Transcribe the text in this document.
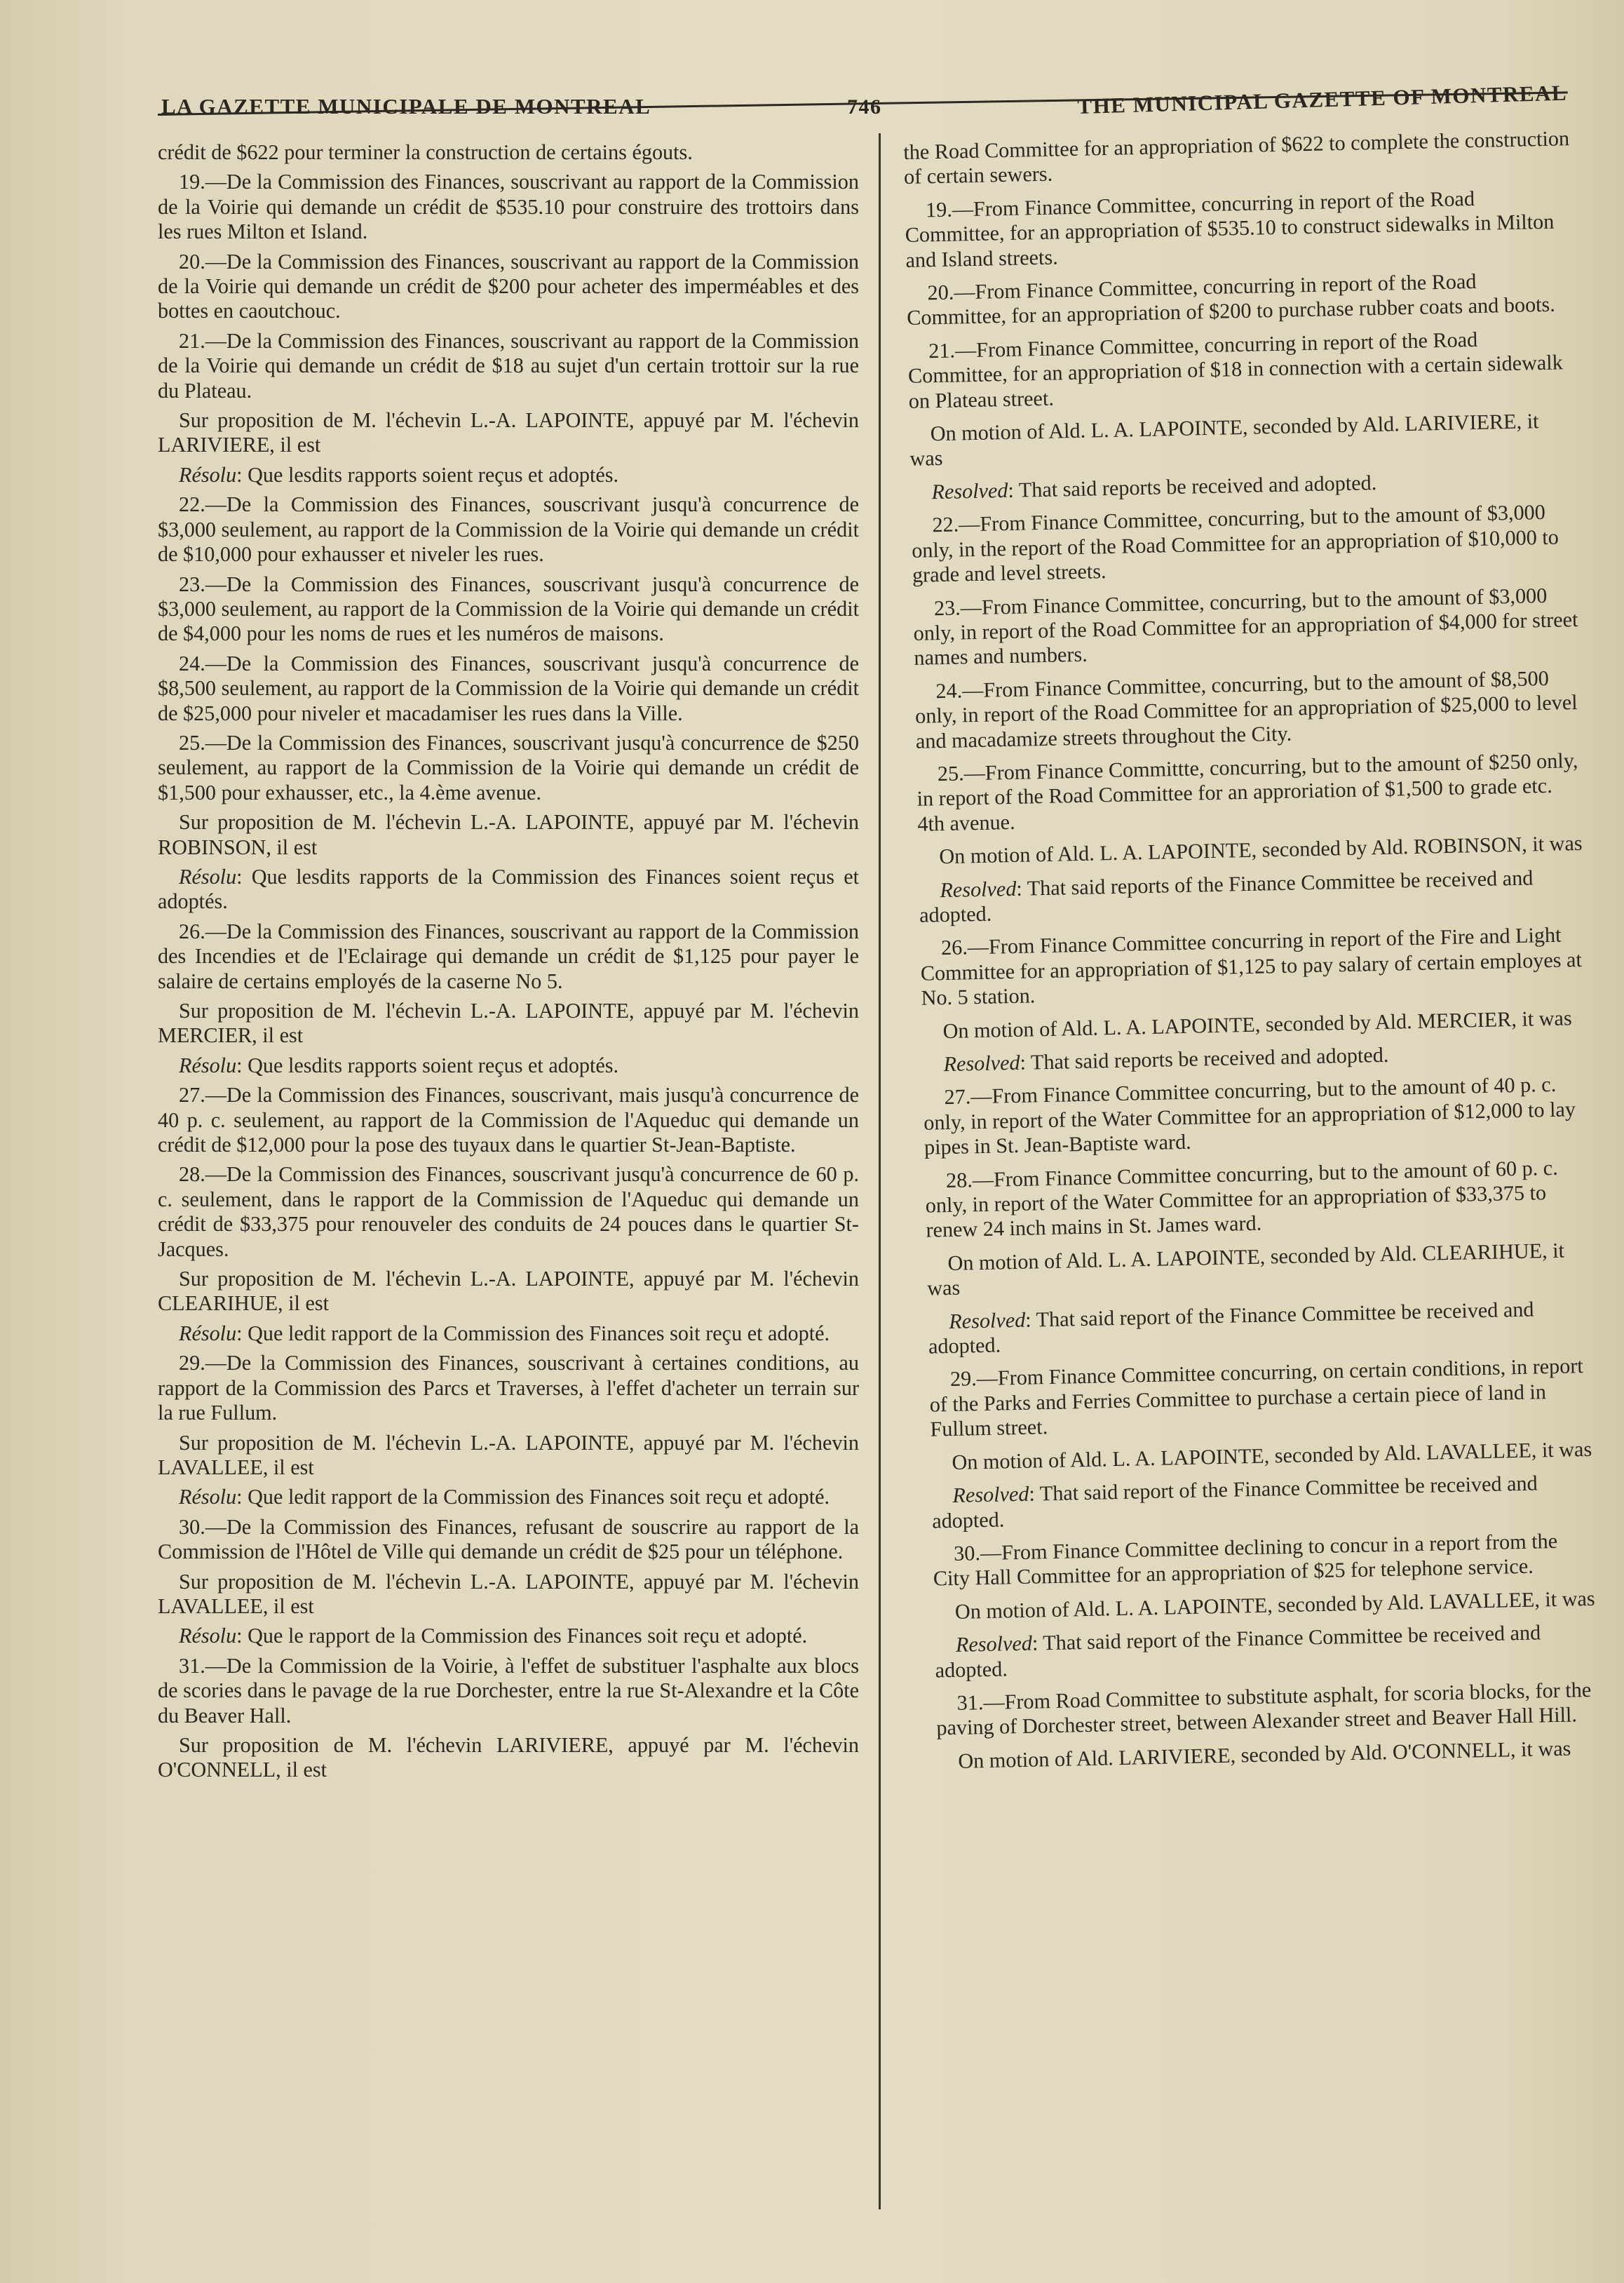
LA GAZETTE MUNICIPALE DE MONTREAL	746	THE MUNICIPAL GAZETTE OF MONTREAL

crédit de $622 pour terminer la construction de certains égouts.

19.—De la Commission des Finances, souscrivant au rapport de la Commission de la Voirie qui demande un crédit de $535.10 pour construire des trottoirs dans les rues Milton et Island.

20.—De la Commission des Finances, souscrivant au rapport de la Commission de la Voirie qui demande un crédit de $200 pour acheter des imperméables et des bottes en caoutchouc.

21.—De la Commission des Finances, souscrivant au rapport de la Commission de la Voirie qui demande un crédit de $18 au sujet d'un certain trottoir sur la rue du Plateau.

Sur proposition de M. l'échevin L.-A. LAPOINTE, appuyé par M. l'échevin LARIVIERE, il est

Résolu: Que lesdits rapports soient reçus et adoptés.

22.—De la Commission des Finances, souscrivant jusqu'à concurrence de $3,000 seulement, au rapport de la Commission de la Voirie qui demande un crédit de $10,000 pour exhausser et niveler les rues.

23.—De la Commission des Finances, souscrivant jusqu'à concurrence de $3,000 seulement, au rapport de la Commission de la Voirie qui demande un crédit de $4,000 pour les noms de rues et les numéros de maisons.

24.—De la Commission des Finances, souscrivant jusqu'à concurrence de $8,500 seulement, au rapport de la Commission de la Voirie qui demande un crédit de $25,000 pour niveler et macadamiser les rues dans la Ville.

25.—De la Commission des Finances, souscrivant jusqu'à concurrence de $250 seulement, au rapport de la Commission de la Voirie qui demande un crédit de $1,500 pour exhausser, etc., la 4.ème avenue.

Sur proposition de M. l'échevin L.-A. LAPOINTE, appuyé par M. l'échevin ROBINSON, il est

Résolu: Que lesdits rapports de la Commission des Finances soient reçus et adoptés.

26.—De la Commission des Finances, souscrivant au rapport de la Commission des Incendies et de l'Eclairage qui demande un crédit de $1,125 pour payer le salaire de certains employés de la caserne No 5.

Sur proposition de M. l'échevin L.-A. LAPOINTE, appuyé par M. l'échevin MERCIER, il est

Résolu: Que lesdits rapports soient reçus et adoptés.

27.—De la Commission des Finances, souscrivant, mais jusqu'à concurrence de 40 p. c. seulement, au rapport de la Commission de l'Aqueduc qui demande un crédit de $12,000 pour la pose des tuyaux dans le quartier St-Jean-Baptiste.

28.—De la Commission des Finances, souscrivant jusqu'à concurrence de 60 p. c. seulement, dans le rapport de la Commission de l'Aqueduc qui demande un crédit de $33,375 pour renouveler des conduits de 24 pouces dans le quartier St-Jacques.

Sur proposition de M. l'échevin L.-A. LAPOINTE, appuyé par M. l'échevin CLEARIHUE, il est

Résolu: Que ledit rapport de la Commission des Finances soit reçu et adopté.

29.—De la Commission des Finances, souscrivant à certaines conditions, au rapport de la Commission des Parcs et Traverses, à l'effet d'acheter un terrain sur la rue Fullum.

Sur proposition de M. l'échevin L.-A. LAPOINTE, appuyé par M. l'échevin LAVALLEE, il est

Résolu: Que ledit rapport de la Commission des Finances soit reçu et adopté.

30.—De la Commission des Finances, refusant de souscrire au rapport de la Commission de l'Hôtel de Ville qui demande un crédit de $25 pour un téléphone.

Sur proposition de M. l'échevin L.-A. LAPOINTE, appuyé par M. l'échevin LAVALLEE, il est

Résolu: Que le rapport de la Commission des Finances soit reçu et adopté.

31.—De la Commission de la Voirie, à l'effet de substituer l'asphalte aux blocs de scories dans le pavage de la rue Dorchester, entre la rue St-Alexandre et la Côte du Beaver Hall.

Sur proposition de M. l'échevin LARIVIERE, appuyé par M. l'échevin O'CONNELL, il est

the Road Committee for an appropriation of $622 to complete the construction of certain sewers.

19.—From Finance Committee, concurring in report of the Road Committee, for an appropriation of $535.10 to construct sidewalks in Milton and Island streets.

20.—From Finance Committee, concurring in report of the Road Committee, for an appropriation of $200 to purchase rubber coats and boots.

21.—From Finance Committee, concurring in report of the Road Committee, for an appropriation of $18 in connection with a certain sidewalk on Plateau street.

On motion of Ald. L. A. LAPOINTE, seconded by Ald. LARIVIERE, it was

Resolved: That said reports be received and adopted.

22.—From Finance Committee, concurring, but to the amount of $3,000 only, in the report of the Road Committee for an appropriation of $10,000 to grade and level streets.

23.—From Finance Committee, concurring, but to the amount of $3,000 only, in report of the Road Committee for an appropriation of $4,000 for street names and numbers.

24.—From Finance Committee, concurring, but to the amount of $8,500 only, in report of the Road Committee for an appropriation of $25,000 to level and macadamize streets throughout the City.

25.—From Finance Committte, concurring, but to the amount of $250 only, in report of the Road Committee for an approriation of $1,500 to grade etc. 4th avenue.

On motion of Ald. L. A. LAPOINTE, seconded by Ald. ROBINSON, it was

Resolved: That said reports of the Finance Committee be received and adopted.

26.—From Finance Committee concurring in report of the Fire and Light Committee for an appropriation of $1,125 to pay salary of certain employes at No. 5 station.

On motion of Ald. L. A. LAPOINTE, seconded by Ald. MERCIER, it was

Resolved: That said reports be received and adopted.

27.—From Finance Committee concurring, but to the amount of 40 p. c. only, in report of the Water Committee for an appropriation of $12,000 to lay pipes in St. Jean-Baptiste ward.

28.—From Finance Committee concurring, but to the amount of 60 p. c. only, in report of the Water Committee for an appropriation of $33,375 to renew 24 inch mains in St. James ward.

On motion of Ald. L. A. LAPOINTE, seconded by Ald. CLEARIHUE, it was

Resolved: That said report of the Finance Committee be received and adopted.

29.—From Finance Committee concurring, on certain conditions, in report of the Parks and Ferries Committee to purchase a certain piece of land in Fullum street.

On motion of Ald. L. A. LAPOINTE, seconded by Ald. LAVALLEE, it was

Resolved: That said report of the Finance Committee be received and adopted.

30.—From Finance Committee declining to concur in a report from the City Hall Committee for an appropriation of $25 for telephone service.

On motion of Ald. L. A. LAPOINTE, seconded by Ald. LAVALLEE, it was

Resolved: That said report of the Finance Committee be received and adopted.

31.—From Road Committee to substitute asphalt, for scoria blocks, for the paving of Dorchester street, between Alexander street and Beaver Hall Hill.

On motion of Ald. LARIVIERE, seconded by Ald. O'CONNELL, it was
